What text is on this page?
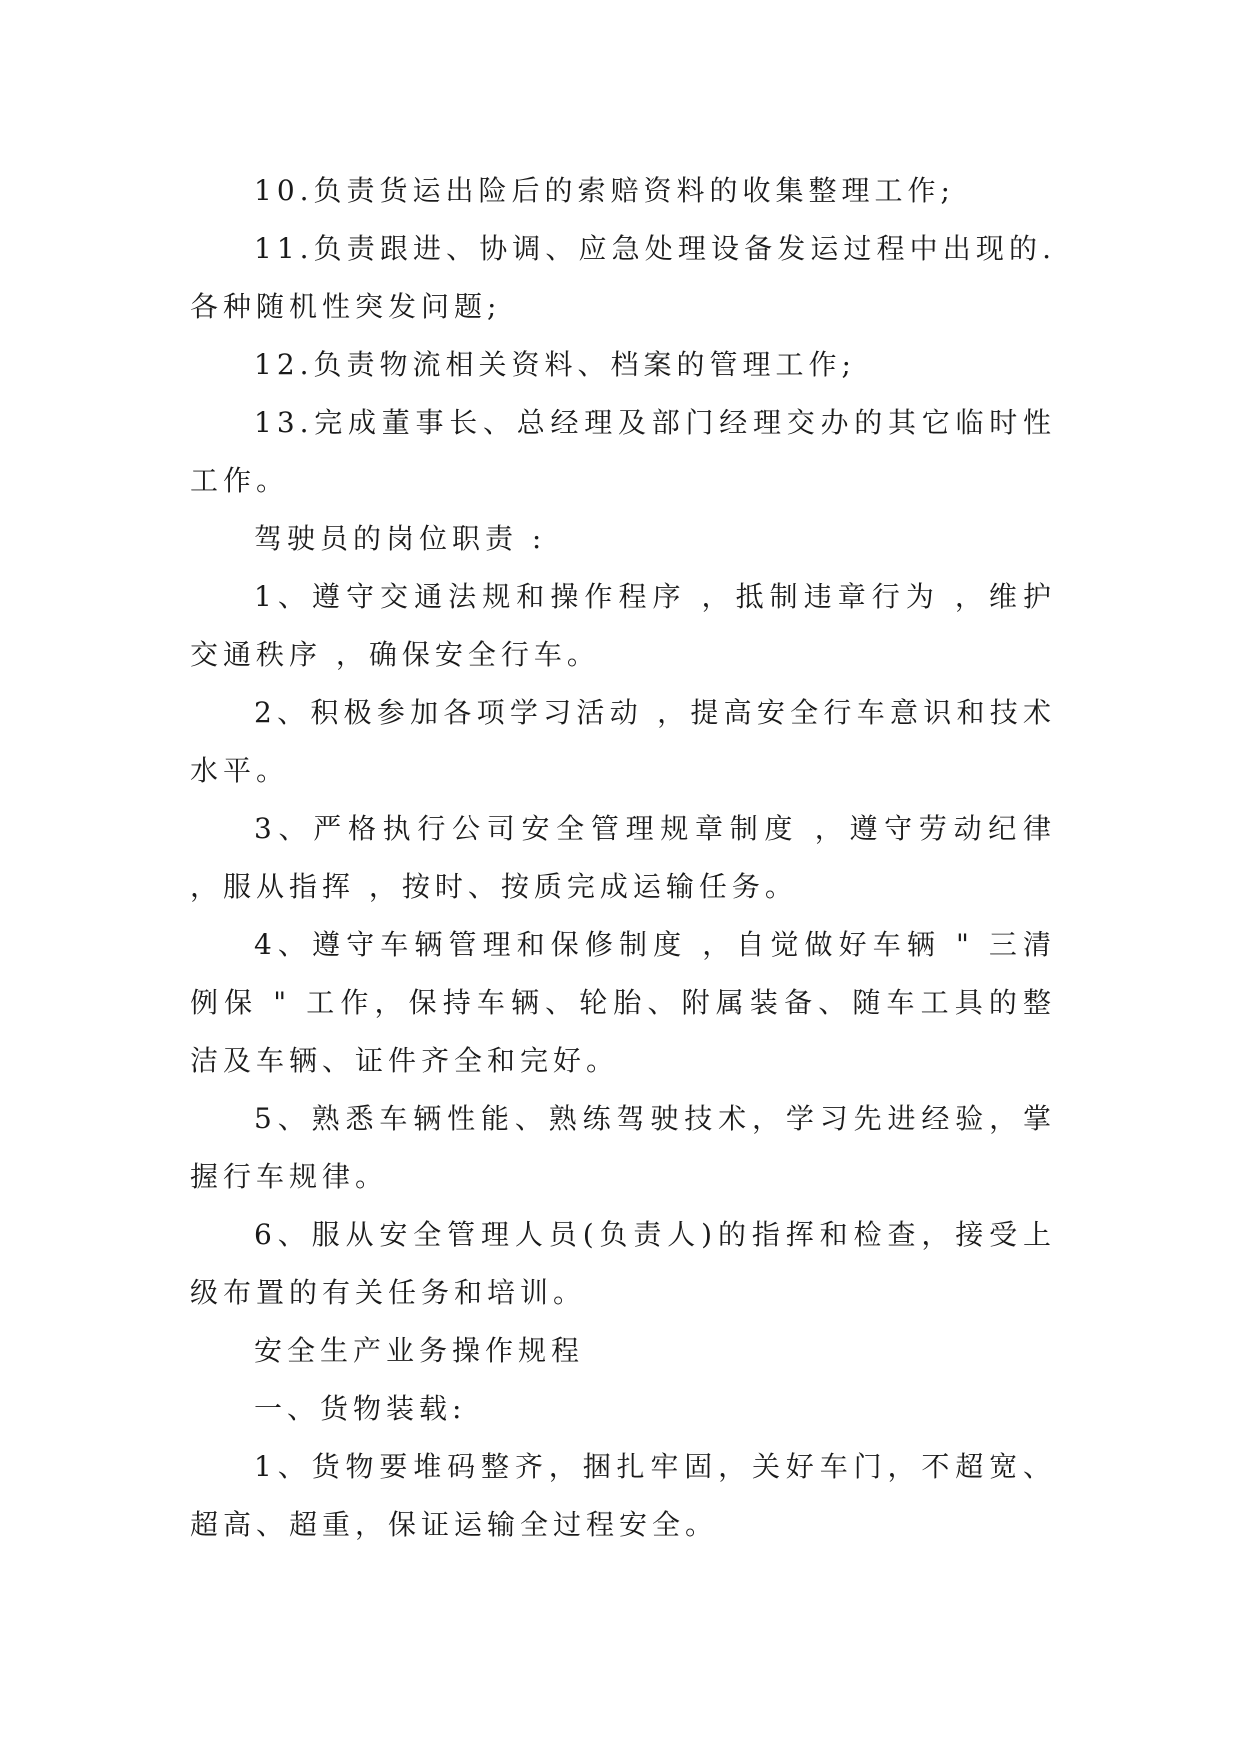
10.负责货运出险后的索赔资料的收集整理工作;

11.负责跟进、协调、应急处理设备发运过程中出现的.各种随机性突发问题;

12.负责物流相关资料、档案的管理工作;

13.完成董事长、总经理及部门经理交办的其它临时性工作。

驾驶员的岗位职责 :

1、遵守交通法规和操作程序 ，抵制违章行为 ，维护交通秩序 ，确保安全行车。

2、积极参加各项学习活动 ，提高安全行车意识和技术水平。

3、严格执行公司安全管理规章制度 ，遵守劳动纪律 ，服从指挥 ，按时、按质完成运输任务。

4、遵守车辆管理和保修制度 ，自觉做好车辆 " 三清例保 " 工作，保持车辆、轮胎、附属装备、随车工具的整洁及车辆、证件齐全和完好。

5、熟悉车辆性能、熟练驾驶技术，学习先进经验，掌握行车规律。

6、服从安全管理人员(负责人)的指挥和检查，接受上级布置的有关任务和培训。

安全生产业务操作规程

一、货物装载:

1、货物要堆码整齐，捆扎牢固，关好车门，不超宽、超高、超重，保证运输全过程安全。
